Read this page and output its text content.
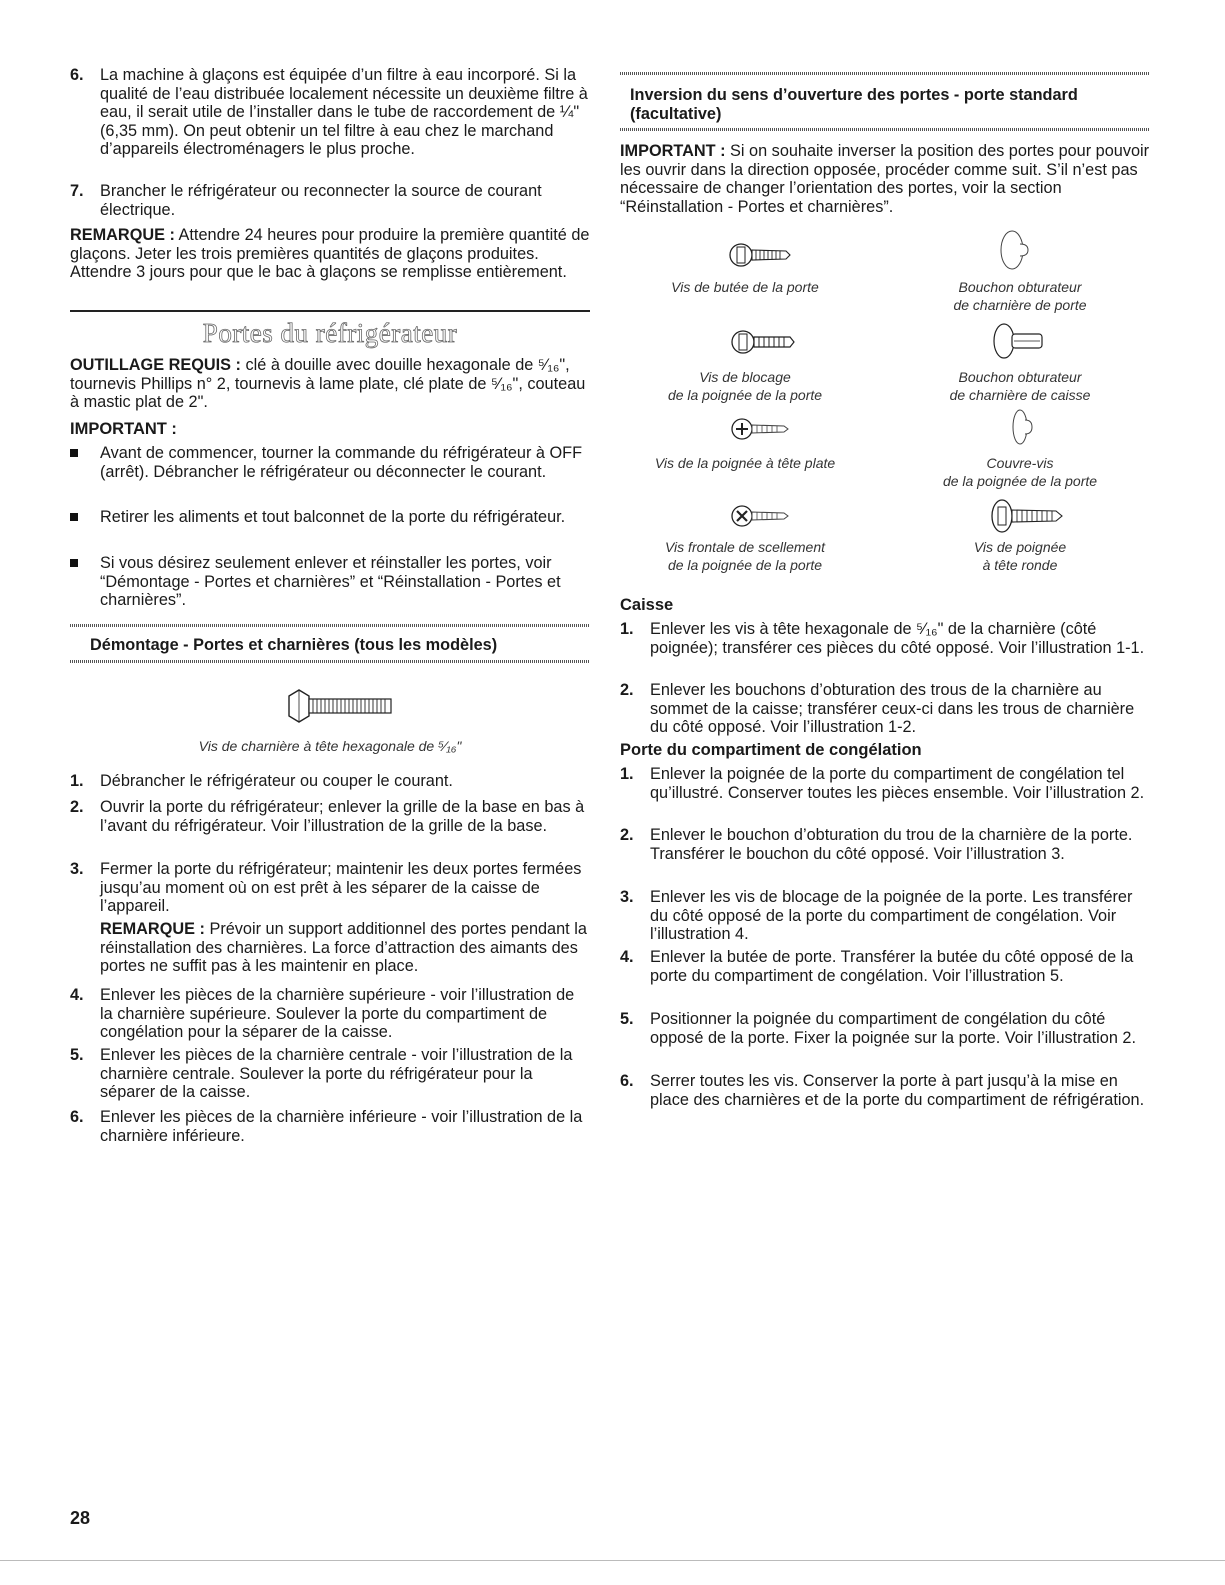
6. La machine à glaçons est équipée d’un filtre à eau incorporé. Si la qualité de l’eau distribuée localement nécessite un deuxième filtre à eau, il serait utile de l’installer dans le tube de raccordement de ¼" (6,35 mm). On peut obtenir un tel filtre à eau chez le marchand d’appareils électroménagers le plus proche.

7. Brancher le réfrigérateur ou reconnecter la source de courant électrique.

REMARQUE : Attendre 24 heures pour produire la première quantité de glaçons. Jeter les trois premières quantités de glaçons produites. Attendre 3 jours pour que le bac à glaçons se remplisse entièrement.

Portes du réfrigérateur

OUTILLAGE REQUIS : clé à douille avec douille hexagonale de ⁵⁄₁₆", tournevis Phillips n° 2, tournevis à lame plate, clé plate de ⁵⁄₁₆", couteau à mastic plat de 2".

IMPORTANT :

Avant de commencer, tourner la commande du réfrigérateur à OFF (arrêt). Débrancher le réfrigérateur ou déconnecter le courant.

Retirer les aliments et tout balconnet de la porte du réfrigérateur.

Si vous désirez seulement enlever et réinstaller les portes, voir “Démontage - Portes et charnières” et “Réinstallation - Portes et charnières”.

Démontage - Portes et charnières (tous les modèles)

Vis de charnière à tête hexagonale de ⁵⁄₁₆"
1. Débrancher le réfrigérateur ou couper le courant.

2. Ouvrir la porte du réfrigérateur; enlever la grille de la base en bas à l’avant du réfrigérateur. Voir l’illustration de la grille de la base.

3. Fermer la porte du réfrigérateur; maintenir les deux portes fermées jusqu’au moment où on est prêt à les séparer de la caisse de l’appareil.

REMARQUE : Prévoir un support additionnel des portes pendant la réinstallation des charnières. La force d’attraction des aimants des portes ne suffit pas à les maintenir en place.

4. Enlever les pièces de la charnière supérieure - voir l’illustration de la charnière supérieure. Soulever la porte du compartiment de congélation pour la séparer de la caisse.

5. Enlever les pièces de la charnière centrale - voir l’illustration de la charnière centrale. Soulever la porte du réfrigérateur pour la séparer de la caisse.

6. Enlever les pièces de la charnière inférieure - voir l’illustration de la charnière inférieure.

Inversion du sens d’ouverture des portes - porte standard (facultative)

IMPORTANT : Si on souhaite inverser la position des portes pour pouvoir les ouvrir dans la direction opposée, procéder comme suit. S’il n’est pas nécessaire de changer l’orientation des portes, voir la section “Réinstallation - Portes et charnières”.

Vis de butée de la porte	Bouchon obturateur
de charnière de porte
Vis de blocage
de la poignée de la porte
Bouchon obturateur
de charnière de caisse
Vis de la poignée à tête plate	Couvre-vis
de la poignée de la porte
Vis frontale de scellement
de la poignée de la porte
Vis de poignée
à tête ronde

Caisse

1. Enlever les vis à tête hexagonale de ⁵⁄₁₆" de la charnière (côté poignée); transférer ces pièces du côté opposé. Voir l’illustration 1-1.

2. Enlever les bouchons d’obturation des trous de la charnière au sommet de la caisse; transférer ceux-ci dans les trous de charnière du côté opposé. Voir l’illustration 1-2.

Porte du compartiment de congélation

1. Enlever la poignée de la porte du compartiment de congélation tel qu’illustré. Conserver toutes les pièces ensemble. Voir l’illustration 2.

2. Enlever le bouchon d’obturation du trou de la charnière de la porte. Transférer le bouchon du côté opposé. Voir l’illustration 3.

3. Enlever les vis de blocage de la poignée de la porte. Les transférer du côté opposé de la porte du compartiment de congélation. Voir l’illustration 4.

4. Enlever la butée de porte. Transférer la butée du côté opposé de la porte du compartiment de congélation. Voir l’illustration 5.

5. Positionner la poignée du compartiment de congélation du côté opposé de la porte. Fixer la poignée sur la porte. Voir l’illustration 2.

6. Serrer toutes les vis. Conserver la porte à part jusqu’à la mise en place des charnières et de la porte du compartiment de réfrigération.

28
